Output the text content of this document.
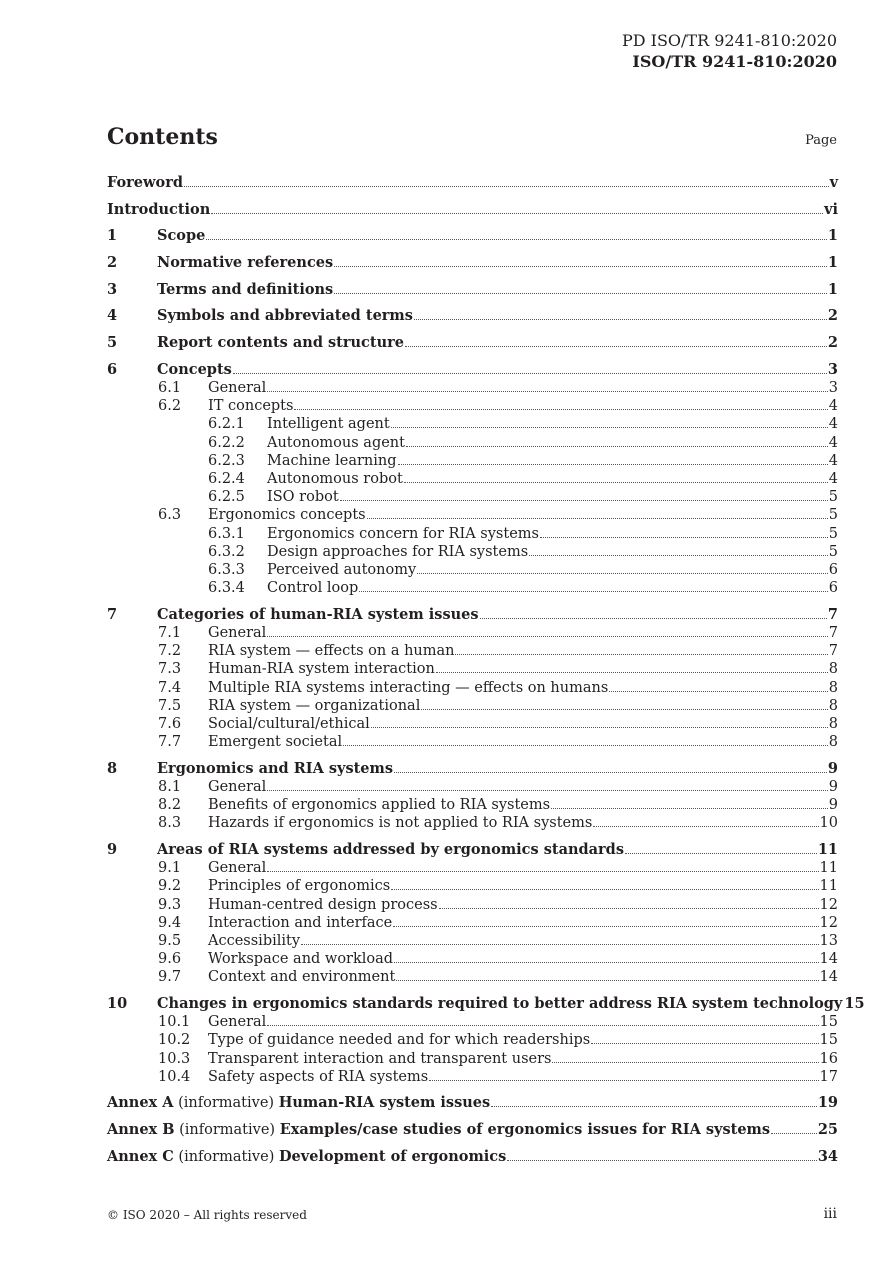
PD ISO/TR 9241-810:2020
ISO/TR 9241-810:2020
Contents	Page
Foreword	v
Introduction	vi
1	Scope	1
2	Normative references	1
3	Terms and definitions	1
4	Symbols and abbreviated terms	2
5	Report contents and structure	2
6	Concepts	3
6.1	General	3
6.2	IT concepts	4
6.2.1	Intelligent agent	4
6.2.2	Autonomous agent	4
6.2.3	Machine learning	4
6.2.4	Autonomous robot	4
6.2.5	ISO robot	5
6.3	Ergonomics concepts	5
6.3.1	Ergonomics concern for RIA systems	5
6.3.2	Design approaches for RIA systems	5
6.3.3	Perceived autonomy	6
6.3.4	Control loop	6
7	Categories of human-RIA system issues	7
7.1	General	7
7.2	RIA system — effects on a human	7
7.3	Human-RIA system interaction	8
7.4	Multiple RIA systems interacting — effects on humans	8
7.5	RIA system — organizational	8
7.6	Social/cultural/ethical	8
7.7	Emergent societal	8
8	Ergonomics and RIA systems	9
8.1	General	9
8.2	Benefits of ergonomics applied to RIA systems	9
8.3	Hazards if ergonomics is not applied to RIA systems	10
9	Areas of RIA systems addressed by ergonomics standards	11
9.1	General	11
9.2	Principles of ergonomics	11
9.3	Human-centred design process	12
9.4	Interaction and interface	12
9.5	Accessibility	13
9.6	Workspace and workload	14
9.7	Context and environment	14
10	Changes in ergonomics standards required to better address RIA system technology 15
10.1	General	15
10.2	Type of guidance needed and for which readerships	15
10.3	Transparent interaction and transparent users	16
10.4	Safety aspects of RIA systems	17
Annex A (informative) Human-RIA system issues	19
Annex B (informative) Examples/case studies of ergonomics issues for RIA systems	25
Annex C (informative) Development of ergonomics	34
© ISO 2020 – All rights reserved	iii
